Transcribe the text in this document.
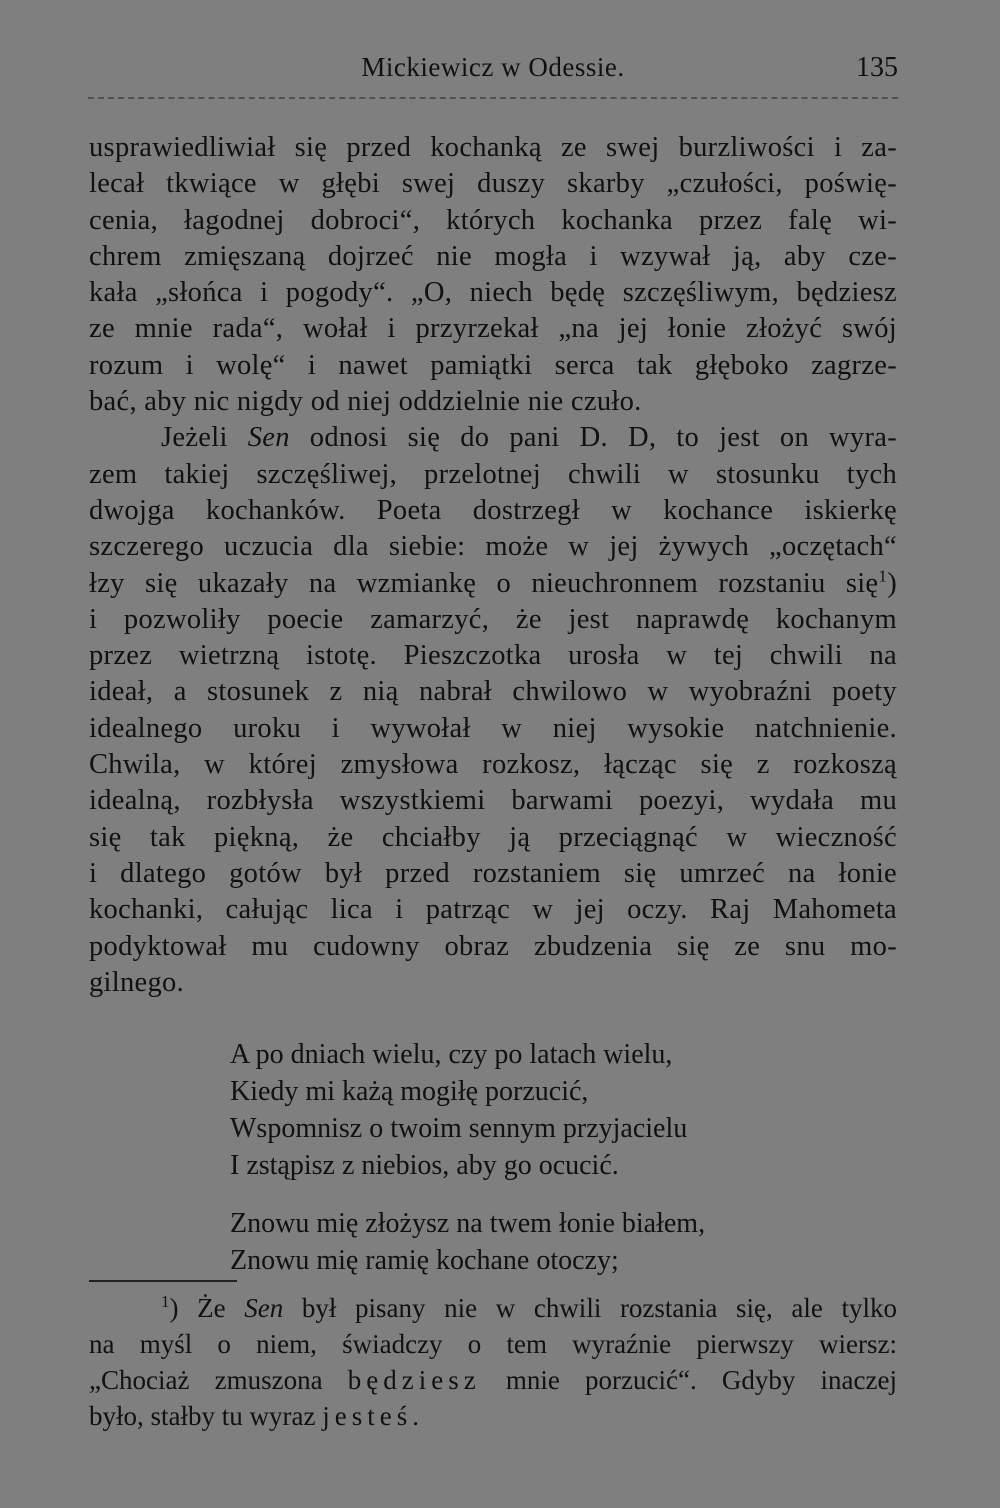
Mickiewicz w Odessie.	135
usprawiedliwiał się przed kochanką ze swej burzliwości i za-
lecał tkwiące w głębi swej duszy skarby „czułości, poświę-
cenia, łagodnej dobroci“, których kochanka przez falę wi-
chrem zmięszaną dojrzeć nie mogła i wzywał ją, aby cze-
kała „słońca i pogody“. „O, niech będę szczęśliwym, będziesz
ze mnie rada“, wołał i przyrzekał „na jej łonie złożyć swój
rozum i wolę“ i nawet pamiątki serca tak głęboko zagrze-
bać, aby nic nigdy od niej oddzielnie nie czuło.
Jeżeli Sen odnosi się do pani D. D, to jest on wyra-
zem takiej szczęśliwej, przelotnej chwili w stosunku tych
dwojga kochanków. Poeta dostrzegł w kochance iskierkę
szczerego uczucia dla siebie: może w jej żywych „oczętach“
łzy się ukazały na wzmiankę o nieuchronnem rozstaniu się$^1$)
i pozwoliły poecie zamarzyć, że jest naprawdę kochanym
przez wietrzną istotę. Pieszczotka urosła w tej chwili na
ideał, a stosunek z nią nabrał chwilowo w wyobraźni poety
idealnego uroku i wywołał w niej wysokie natchnienie.
Chwila, w której zmysłowa rozkosz, łącząc się z rozkoszą
idealną, rozbłysła wszystkiemi barwami poezyi, wydała mu
się tak piękną, że chciałby ją przeciągnąć w wieczność
i dlatego gotów był przed rozstaniem się umrzeć na łonie
kochanki, całując lica i patrząc w jej oczy. Raj Mahometa
podyktował mu cudowny obraz zbudzenia się ze snu mo-
gilnego.
A po dniach wielu, czy po latach wielu,
Kiedy mi każą mogiłę porzucić,
Wspomnisz o twoim sennym przyjacielu
I zstąpisz z niebios, aby go ocucić.
Znowu mię złożysz na twem łonie białem,
Znowu mię ramię kochane otoczy;
$^1$) Że Sen był pisany nie w chwili rozstania się, ale tylko
na myśl o niem, świadczy o tem wyraźnie pierwszy wiersz:
„Chociaż zmuszona będziesz mnie porzucić“. Gdyby inaczej
było, stałby tu wyraz jesteś.
